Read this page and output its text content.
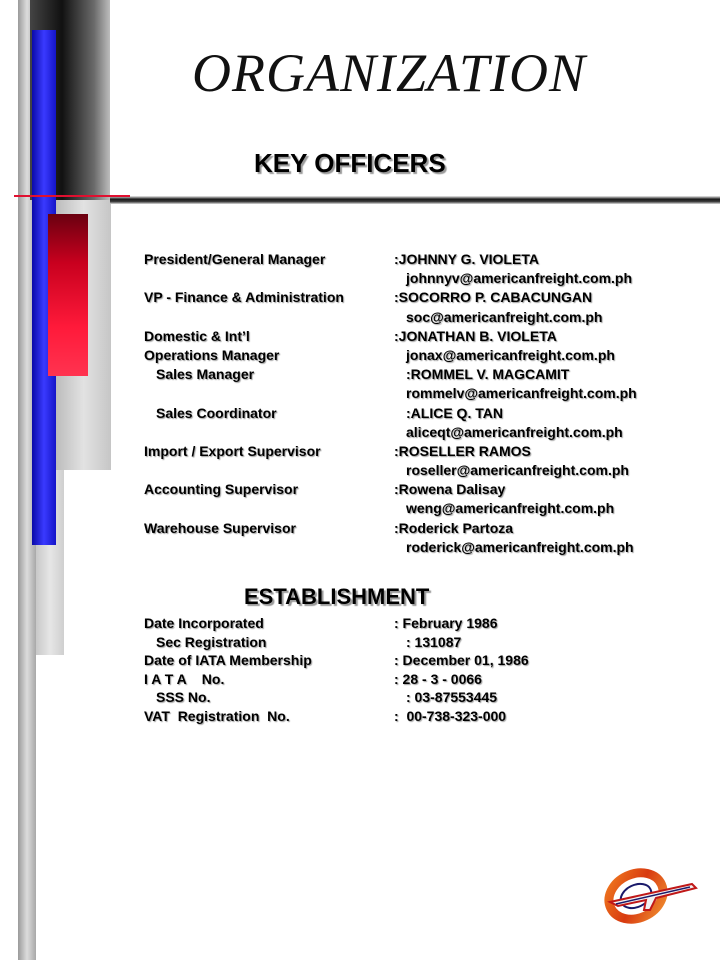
ORGANIZATION
KEY OFFICERS
President/General Manager	:JOHNNY G. VIOLETA
johnnyv@americanfreight.com.ph
VP - Finance & Administration	:SOCORRO P. CABACUNGAN
soc@americanfreight.com.ph
Domestic & Int’l	:JONATHAN B. VIOLETA
Operations Manager	jonax@americanfreight.com.ph
Sales Manager	:ROMMEL V. MAGCAMIT
rommelv@americanfreight.com.ph
Sales Coordinator	:ALICE Q. TAN
aliceqt@americanfreight.com.ph
Import / Export Supervisor	:ROSELLER RAMOS
roseller@americanfreight.com.ph
Accounting Supervisor	:Rowena Dalisay
weng@americanfreight.com.ph
Warehouse Supervisor	:Roderick Partoza
roderick@americanfreight.com.ph
ESTABLISHMENT
Date Incorporated	: February 1986
Sec Registration	: 131087
Date of IATA Membership	: December 01, 1986
I A T A    No.	: 28 - 3 - 0066
SSS No.	: 03-87553445
VAT  Registration  No.	:  00-738-323-000
